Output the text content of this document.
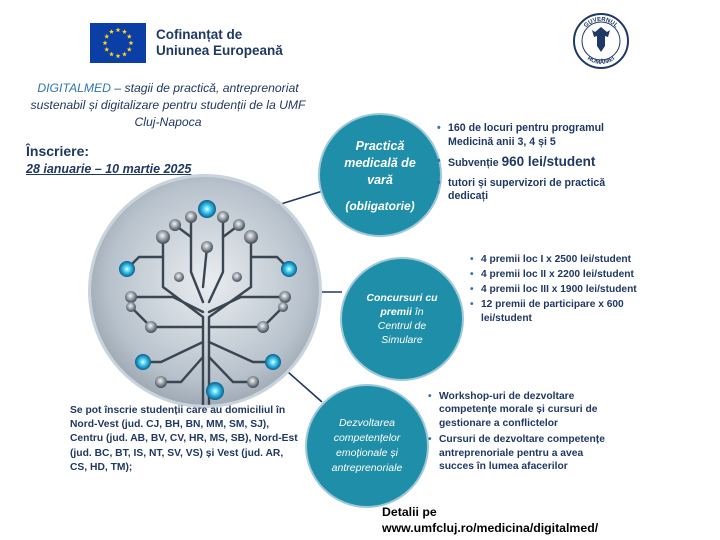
Cofinanțat de
Uniunea Europeană
GUVERNUL
ROMÂNIEI
DIGITALMED – stagii de practică, antreprenoriat sustenabil și digitalizare pentru studenții de la UMF Cluj-Napoca
Înscriere:
28 ianuarie – 10 martie 2025
Practică
medicală de
vară
(obligatorie)
Concursuri cu
premii în
Centrul de
Simulare
Dezvoltarea
competențelor
emoționale și
antreprenoriale
• 160 de locuri pentru programul Medicină anii 3, 4 și 5
• Subvenție 960 lei/student
• tutori și supervizori de practică dedicați
• 4 premii loc I x 2500 lei/student
• 4 premii loc II x 2200 lei/student
• 4 premii loc III x 1900 lei/student
• 12 premii de participare x 600 lei/student
• Workshop-uri de dezvoltare competențe morale și cursuri de gestionare a conflictelor
• Cursuri de dezvoltare competențe antreprenoriale pentru a avea succes în lumea afacerilor
Se pot înscrie studenții care au domiciliul în Nord-Vest (jud. CJ, BH, BN, MM, SM, SJ), Centru (jud. AB, BV, CV, HR, MS, SB), Nord-Est (jud. BC, BT, IS, NT, SV, VS) și Vest (jud. AR, CS, HD, TM);
Detalii pe
www.umfcluj.ro/medicina/digitalmed/
